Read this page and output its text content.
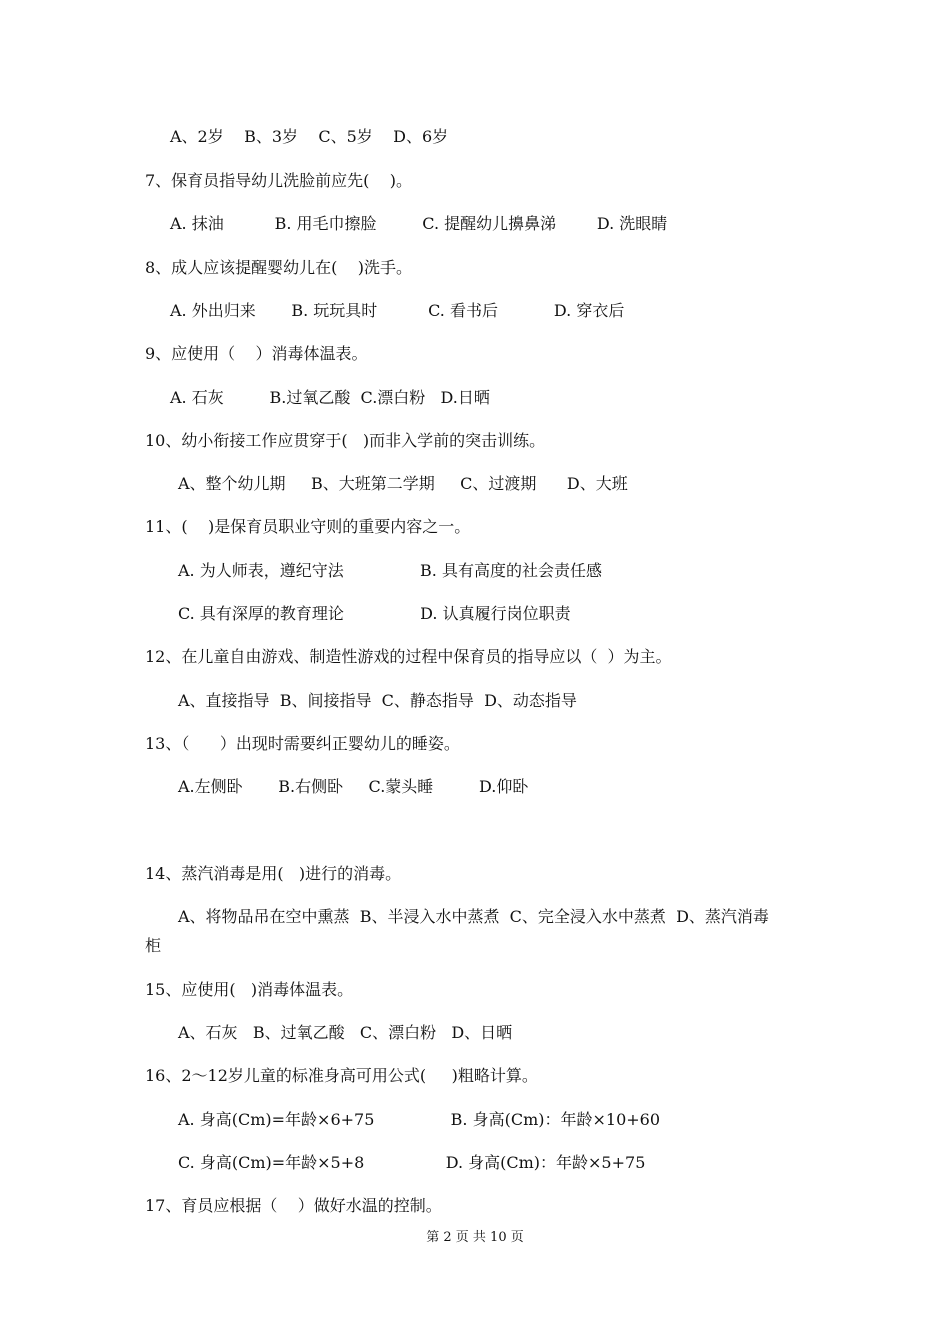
A、2岁    B、3岁    C、5岁    D、6岁
7、保育员指导幼儿洗脸前应先(    )。
A. 抹油          B. 用毛巾擦脸         C. 提醒幼儿擤鼻涕        D. 洗眼睛
8、成人应该提醒婴幼儿在(    )洗手。
A. 外出归来       B. 玩玩具时          C. 看书后           D. 穿衣后
9、应使用（    ）消毒体温表。
A. 石灰         B.过氧乙酸  C.漂白粉   D.日晒
10、幼小衔接工作应贯穿于(   )而非入学前的突击训练。
A、整个幼儿期     B、大班第二学期     C、过渡期      D、大班
11、(    )是保育员职业守则的重要内容之一。
A. 为人师表，遵纪守法               B. 具有高度的社会责任感
C. 具有深厚的教育理论               D. 认真履行岗位职责
12、在儿童自由游戏、制造性游戏的过程中保育员的指导应以（  ）为主。
A、直接指导  B、间接指导  C、静态指导  D、动态指导
13、（      ）出现时需要纠正婴幼儿的睡姿。
A.左侧卧       B.右侧卧     C.蒙头睡         D.仰卧
14、蒸汽消毒是用(   )进行的消毒。
A、将物品吊在空中熏蒸  B、半浸入水中蒸煮  C、完全浸入水中蒸煮  D、蒸汽消毒
柜
15、应使用(   )消毒体温表。
A、石灰   B、过氧乙酸   C、漂白粉   D、日晒
16、2～12岁儿童的标准身高可用公式(     )粗略计算。
A. 身高(Cm)=年龄×6+75               B. 身高(Cm)：年龄×10+60
C. 身高(Cm)=年龄×5+8                D. 身高(Cm)：年龄×5+75
17、育员应根据（    ）做好水温的控制。
第 2 页 共 10 页
